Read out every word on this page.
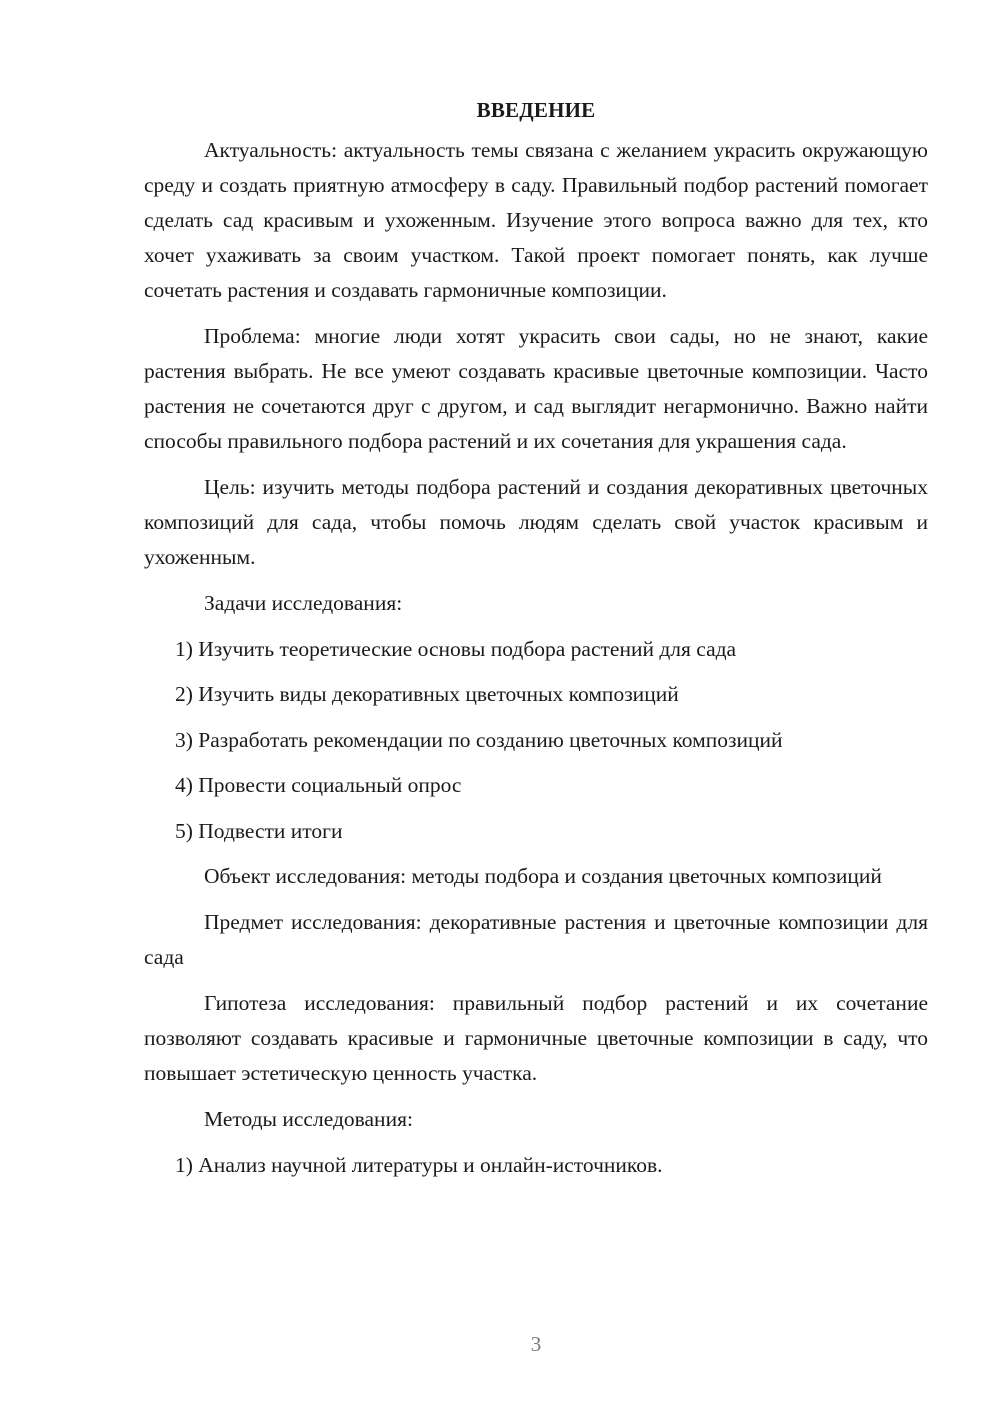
ВВЕДЕНИЕ

Актуальность: актуальность темы связана с желанием украсить окружающую среду и создать приятную атмосферу в саду. Правильный подбор растений помогает сделать сад красивым и ухоженным. Изучение этого вопроса важно для тех, кто хочет ухаживать за своим участком. Такой проект помогает понять, как лучше сочетать растения и создавать гармоничные композиции.

Проблема: многие люди хотят украсить свои сады, но не знают, какие растения выбрать. Не все умеют создавать красивые цветочные композиции. Часто растения не сочетаются друг с другом, и сад выглядит негармонично. Важно найти способы правильного подбора растений и их сочетания для украшения сада.

Цель: изучить методы подбора растений и создания декоративных цветочных композиций для сада, чтобы помочь людям сделать свой участок красивым и ухоженным.

Задачи исследования:
1) Изучить теоретические основы подбора растений для сада
2) Изучить виды декоративных цветочных композиций
3) Разработать рекомендации по созданию цветочных композиций
4) Провести социальный опрос
5) Подвести итоги

Объект исследования: методы подбора и создания цветочных композиций

Предмет исследования: декоративные растения и цветочные композиции для сада

Гипотеза исследования: правильный подбор растений и их сочетание позволяют создавать красивые и гармоничные цветочные композиции в саду, что повышает эстетическую ценность участка.

Методы исследования:
1) Анализ научной литературы и онлайн-источников.
3
